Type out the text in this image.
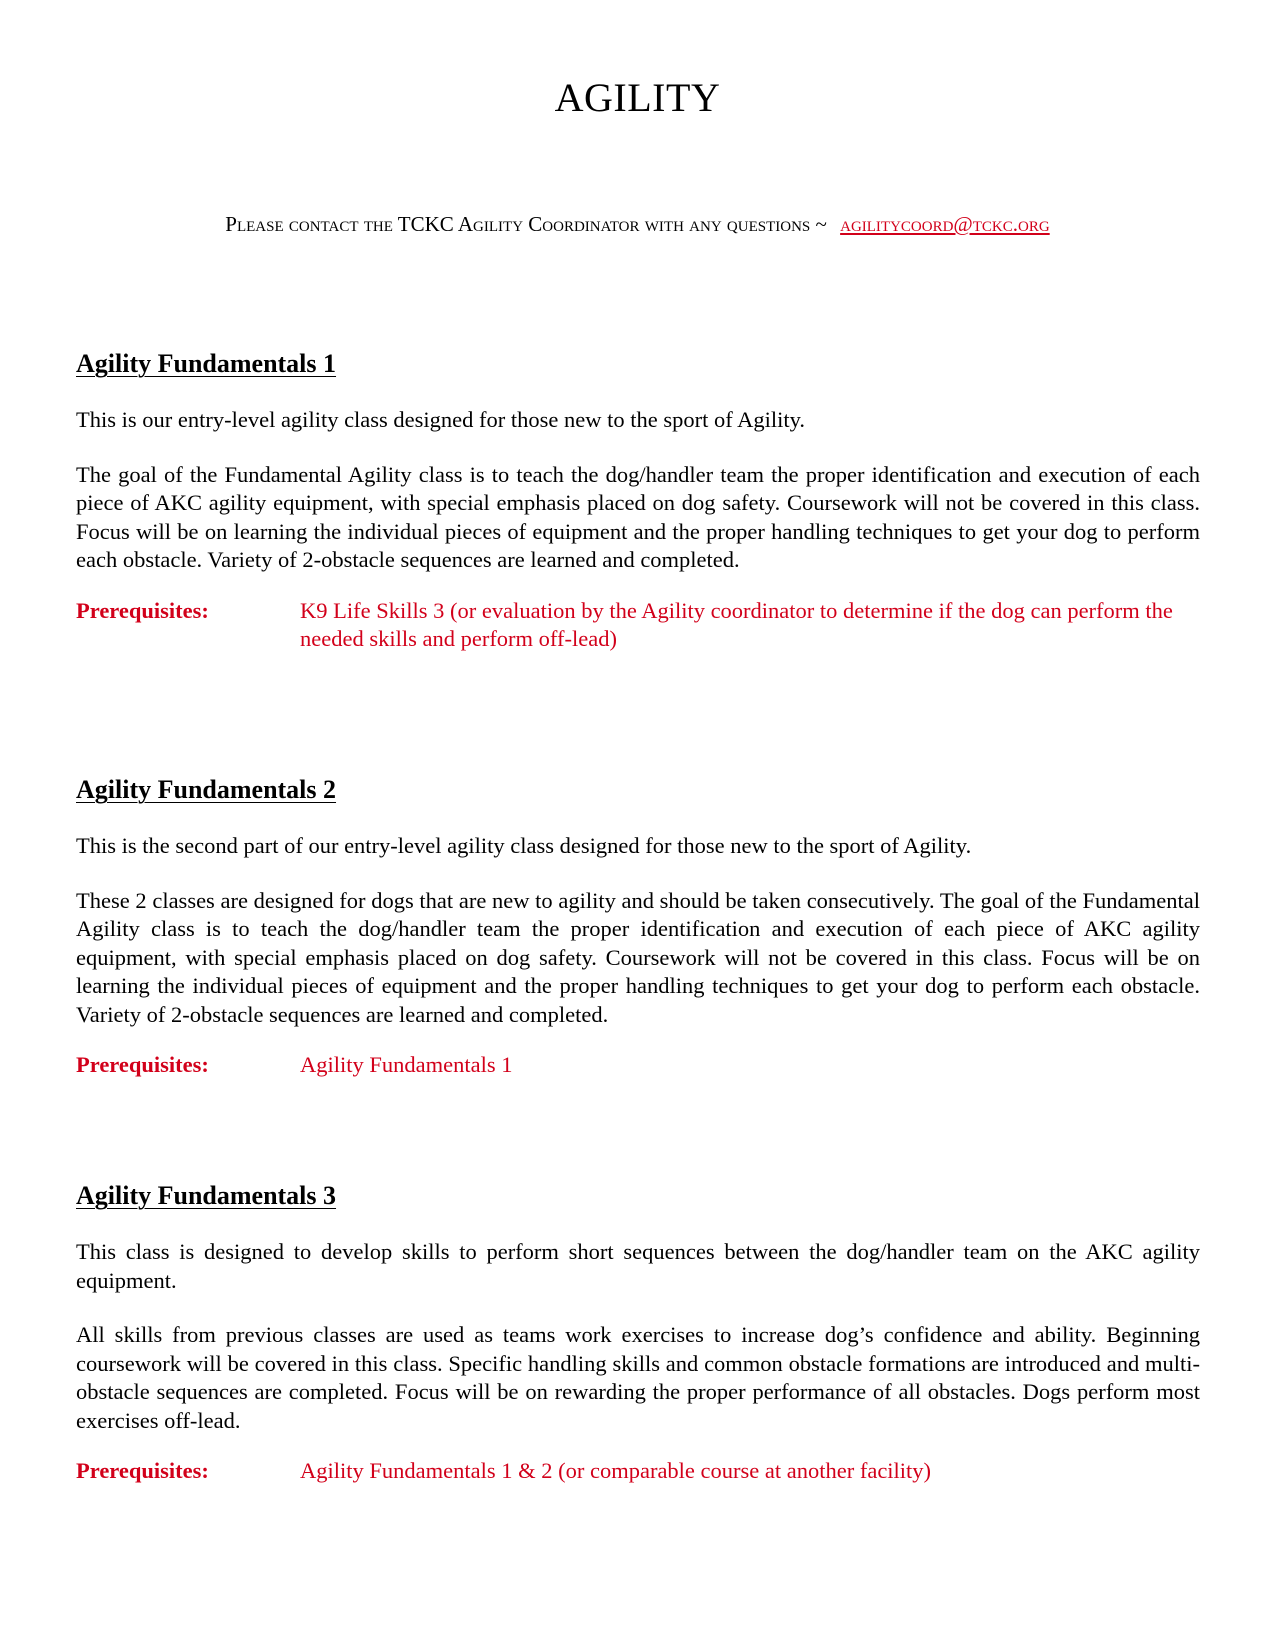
AGILITY
Please contact the TCKC Agility Coordinator with any questions ~ agilitycoord@tckc.org
Agility Fundamentals 1

This is our entry-level agility class designed for those new to the sport of Agility.

The goal of the Fundamental Agility class is to teach the dog/handler team the proper identification and execution of each piece of AKC agility equipment, with special emphasis placed on dog safety. Coursework will not be covered in this class. Focus will be on learning the individual pieces of equipment and the proper handling techniques to get your dog to perform each obstacle. Variety of 2-obstacle sequences are learned and completed.

Prerequisites:	K9 Life Skills 3 (or evaluation by the Agility coordinator to determine if the dog can perform the needed skills and perform off-lead)
Agility Fundamentals 2

This is the second part of our entry-level agility class designed for those new to the sport of Agility.

These 2 classes are designed for dogs that are new to agility and should be taken consecutively. The goal of the Fundamental Agility class is to teach the dog/handler team the proper identification and execution of each piece of AKC agility equipment, with special emphasis placed on dog safety. Coursework will not be covered in this class. Focus will be on learning the individual pieces of equipment and the proper handling techniques to get your dog to perform each obstacle. Variety of 2-obstacle sequences are learned and completed.

Prerequisites:	Agility Fundamentals 1
Agility Fundamentals 3

This class is designed to develop skills to perform short sequences between the dog/handler team on the AKC agility equipment.

All skills from previous classes are used as teams work exercises to increase dog’s confidence and ability. Beginning coursework will be covered in this class. Specific handling skills and common obstacle formations are introduced and multi-obstacle sequences are completed. Focus will be on rewarding the proper performance of all obstacles. Dogs perform most exercises off-lead.

Prerequisites:	Agility Fundamentals 1 & 2 (or comparable course at another facility)
